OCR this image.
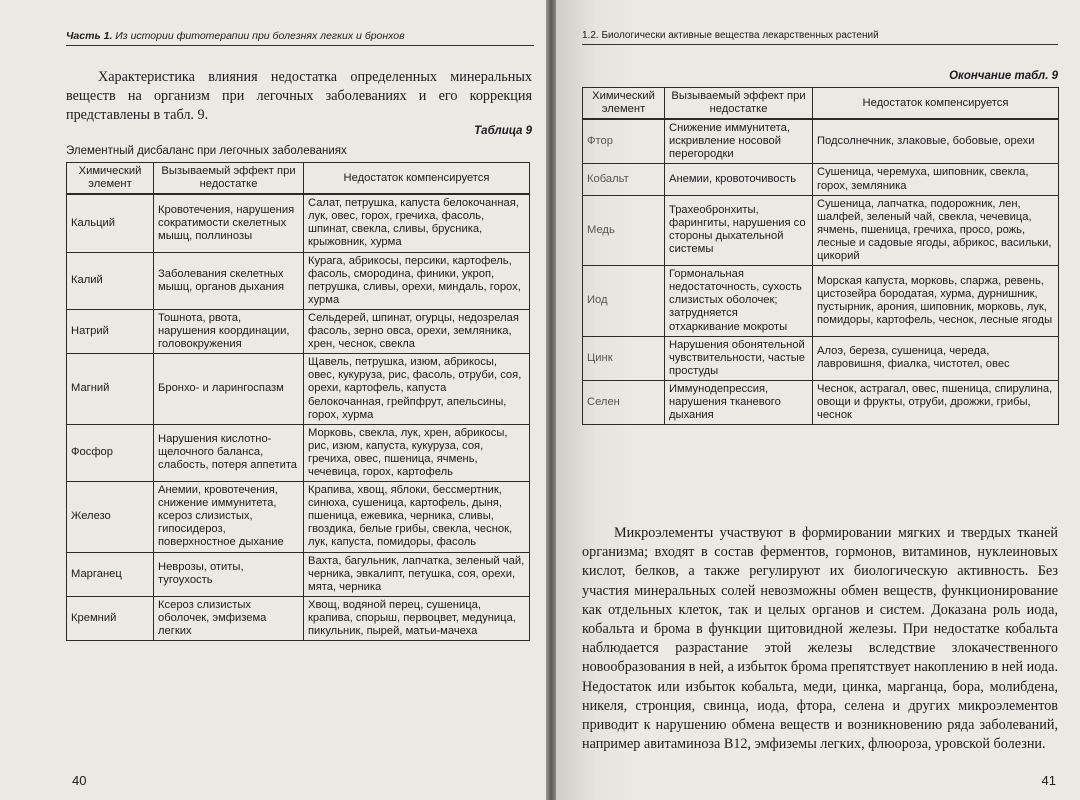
Часть 1. Из истории фитотерапии при болезнях легких и бронхов

Характеристика влияния недостатка определенных минеральных веществ на организм при легочных заболеваниях и его коррекция представлены в табл. 9.

Таблица 9
Элементный дисбаланс при легочных заболеваниях
Химический элемент	Вызываемый эффект при недостатке	Недостаток компенсируется
Кальций	Кровотечения, нарушения сократимости скелетных мышц, поллинозы	Салат, петрушка, капуста белокочанная, лук, овес, горох, гречиха, фасоль, шпинат, свекла, сливы, брусника, крыжовник, хурма
Калий	Заболевания скелетных мышц, органов дыхания	Курага, абрикосы, персики, картофель, фасоль, смородина, финики, укроп, петрушка, сливы, орехи, миндаль, горох, хурма
Натрий	Тошнота, рвота, нарушения координации, головокружения	Сельдерей, шпинат, огурцы, недозрелая фасоль, зерно овса, орехи, земляника, хрен, чеснок, свекла
Магний	Бронхо- и ларингоспазм	Щавель, петрушка, изюм, абрикосы, овес, кукуруза, рис, фасоль, отруби, соя, орехи, картофель, капуста белокочанная, грейпфрут, апельсины, горох, хурма
Фосфор	Нарушения кислотно-щелочного баланса, слабость, потеря аппетита	Морковь, свекла, лук, хрен, абрикосы, рис, изюм, капуста, кукуруза, соя, гречиха, овес, пшеница, ячмень, чечевица, горох, картофель
Железо	Анемии, кровотечения, снижение иммунитета, ксероз слизистых, гипосидероз, поверхностное дыхание	Крапива, хвощ, яблоки, бессмертник, синюха, сушеница, картофель, дыня, пшеница, ежевика, черника, сливы, гвоздика, белые грибы, свекла, чеснок, лук, капуста, помидоры, фасоль
Марганец	Неврозы, отиты, тугоухость	Вахта, багульник, лапчатка, зеленый чай, черника, эвкалипт, петушка, соя, орехи, мята, черника
Кремний	Ксероз слизистых оболочек, эмфизема легких	Хвощ, водяной перец, сушеница, крапива, спорыш, первоцвет, медуница, пикульник, пырей, матьи-мачеха
40
1.2. Биологически активные вещества лекарственных растений
Окончание табл. 9
Химический элемент	Вызываемый эффект при недостатке	Недостаток компенсируется
Фтор	Снижение иммунитета, искривление носовой перегородки	Подсолнечник, злаковые, бобовые, орехи
Кобальт	Анемии, кровоточивость	Сушеница, черемуха, шиповник, свекла, горох, земляника
Медь	Трахеобронхиты, фарингиты, нарушения со стороны дыхательной системы	Сушеница, лапчатка, подорожник, лен, шалфей, зеленый чай, свекла, чечевица, ячмень, пшеница, гречиха, просо, рожь, лесные и садовые ягоды, абрикос, васильки, цикорий
Иод	Гормональная недостаточность, сухость слизистых оболочек; затрудняется отхаркивание мокроты	Морская капуста, морковь, спаржа, ревень, цистозейра бородатая, хурма, дурнишник, пустырник, арония, шиповник, морковь, лук, помидоры, картофель, чеснок, лесные ягоды
Цинк	Нарушения обонятельной чувствительности, частые простуды	Алоэ, береза, сушеница, череда, лавровишня, фиалка, чистотел, овес
Селен	Иммунодепрессия, нарушения тканевого дыхания	Чеснок, астрагал, овес, пшеница, спирулина, овощи и фрукты, отруби, дрожжи, грибы, чеснок

Микроэлементы участвуют в формировании мягких и твердых тканей организма; входят в состав ферментов, гормонов, витаминов, нуклеиновых кислот, белков, а также регулируют их биологическую активность. Без участия минеральных солей невозможны обмен веществ, функционирование как отдельных клеток, так и целых органов и систем. Доказана роль иода, кобальта и брома в функции щитовидной железы. При недостатке кобальта наблюдается разрастание этой железы вследствие злокачественного новообразования в ней, а избыток брома препятствует накоплению в ней иода. Недостаток или избыток кобальта, меди, цинка, марганца, бора, молибдена, никеля, стронция, свинца, иода, фтора, селена и других микроэлементов приводит к нарушению обмена веществ и возникновению ряда заболеваний, например авитаминоза B12, эмфиземы легких, флюороза, уровской болезни.

41
